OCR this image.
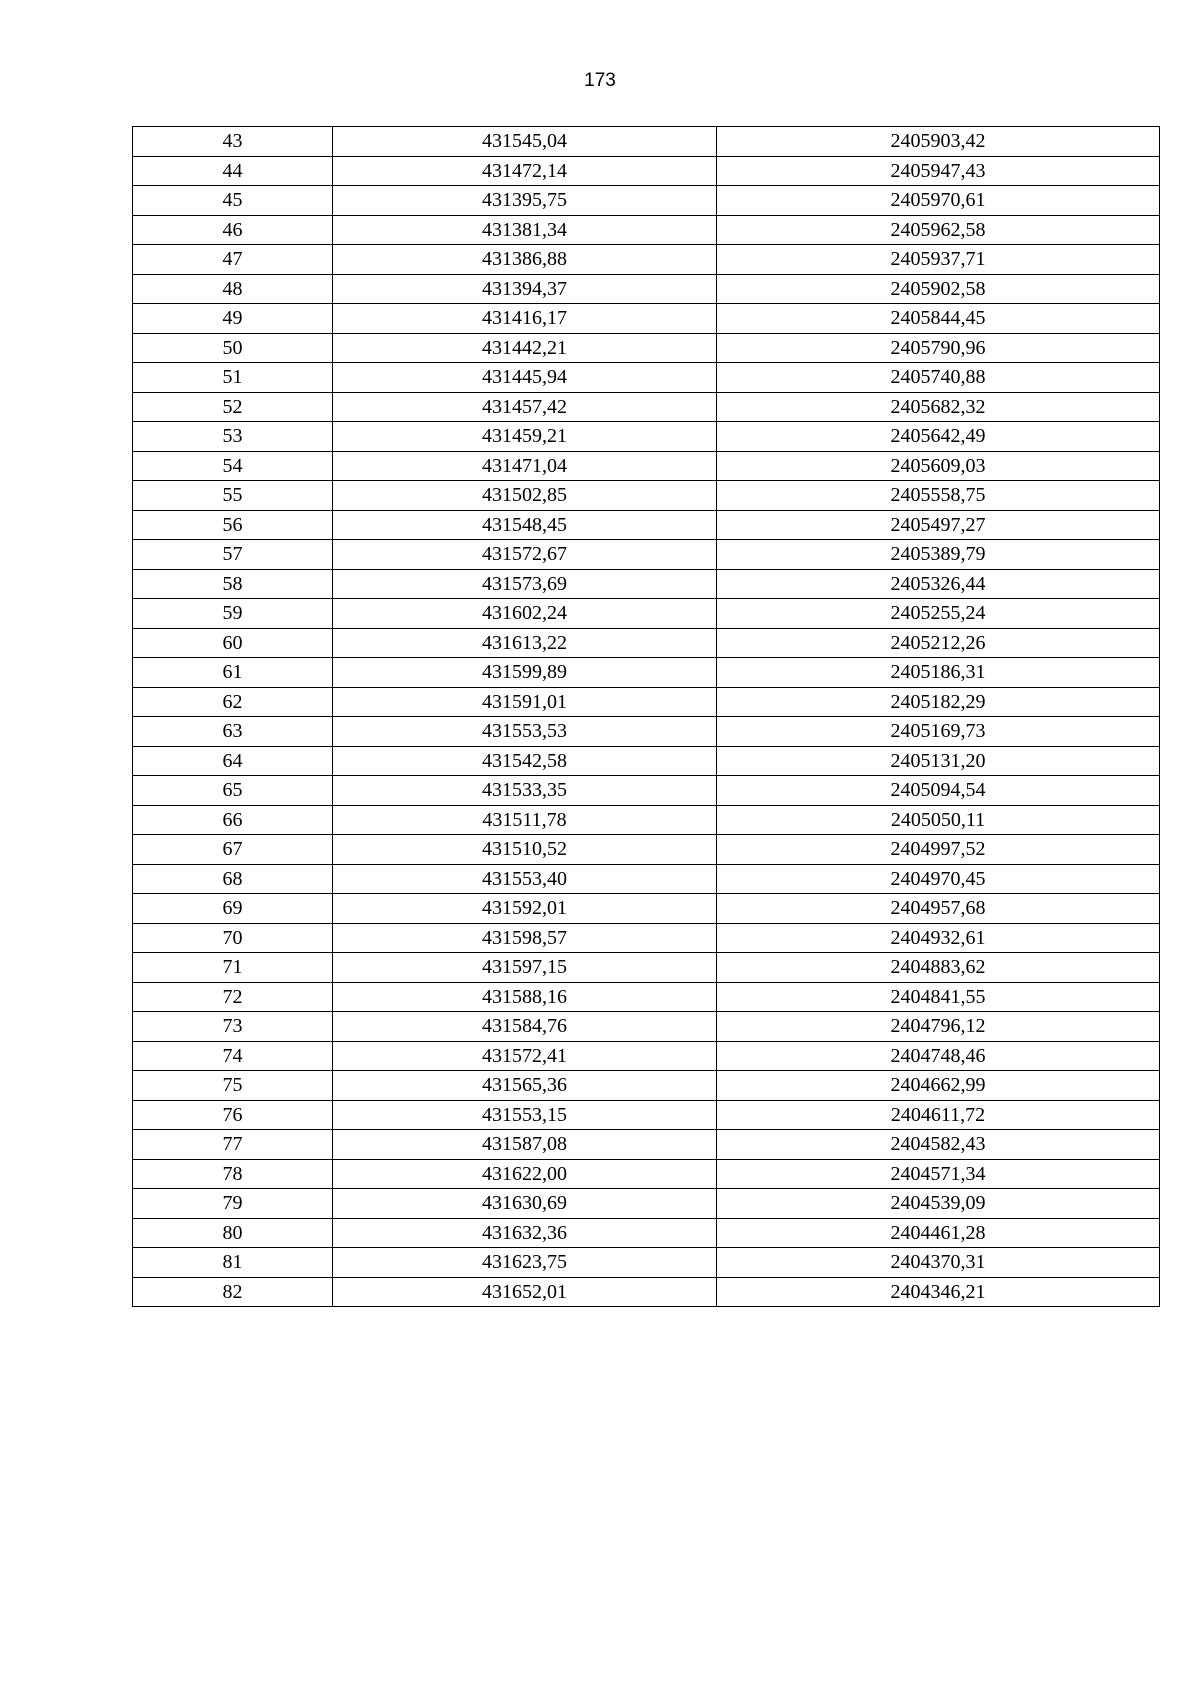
173
43	431545,04	2405903,42
44	431472,14	2405947,43
45	431395,75	2405970,61
46	431381,34	2405962,58
47	431386,88	2405937,71
48	431394,37	2405902,58
49	431416,17	2405844,45
50	431442,21	2405790,96
51	431445,94	2405740,88
52	431457,42	2405682,32
53	431459,21	2405642,49
54	431471,04	2405609,03
55	431502,85	2405558,75
56	431548,45	2405497,27
57	431572,67	2405389,79
58	431573,69	2405326,44
59	431602,24	2405255,24
60	431613,22	2405212,26
61	431599,89	2405186,31
62	431591,01	2405182,29
63	431553,53	2405169,73
64	431542,58	2405131,20
65	431533,35	2405094,54
66	431511,78	2405050,11
67	431510,52	2404997,52
68	431553,40	2404970,45
69	431592,01	2404957,68
70	431598,57	2404932,61
71	431597,15	2404883,62
72	431588,16	2404841,55
73	431584,76	2404796,12
74	431572,41	2404748,46
75	431565,36	2404662,99
76	431553,15	2404611,72
77	431587,08	2404582,43
78	431622,00	2404571,34
79	431630,69	2404539,09
80	431632,36	2404461,28
81	431623,75	2404370,31
82	431652,01	2404346,21
